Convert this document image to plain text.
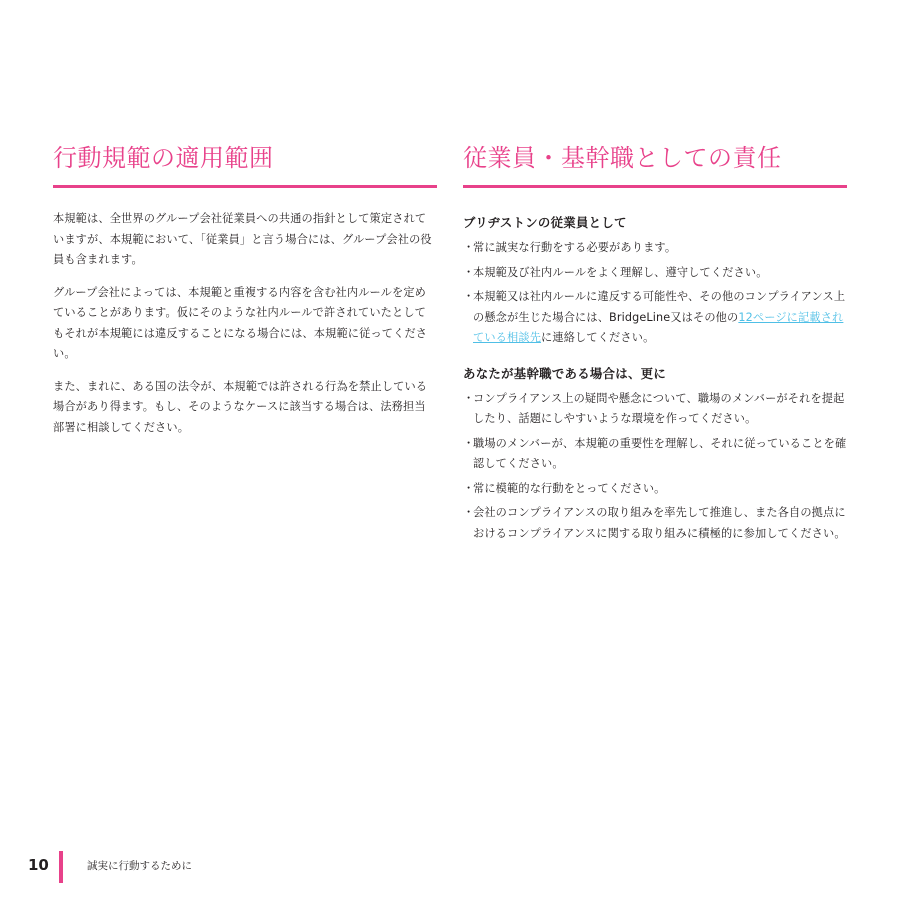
行動規範の適用範囲

本規範は、全世界のグループ会社従業員への共通の指針として策定されていますが、本規範において、「従業員」と言う場合には、グループ会社の役員も含まれます。

グループ会社によっては、本規範と重複する内容を含む社内ルールを定めていることがあります。仮にそのような社内ルールで許されていたとしてもそれが本規範には違反することになる場合には、本規範に従ってください。

また、まれに、ある国の法令が、本規範では許される行為を禁止している場合があり得ます。もし、そのようなケースに該当する場合は、法務担当部署に相談してください。

従業員・基幹職としての責任
ブリヂストンの従業員として
・
常に誠実な行動をする必要があります。
・
本規範及び社内ルールをよく理解し、遵守してください。
・
本規範又は社内ルールに違反する可能性や、その他のコンプライアンス上の懸念が生じた場合には、BridgeLine又はその他の12ページに記載されている相談先に連絡してください。
あなたが基幹職である場合は、更に
・
コンプライアンス上の疑問や懸念について、職場のメンバーがそれを提起したり、話題にしやすいような環境を作ってください。
・
職場のメンバーが、本規範の重要性を理解し、それに従っていることを確認してください。
・
常に模範的な行動をとってください。
・
会社のコンプライアンスの取り組みを率先して推進し、また各自の拠点におけるコンプライアンスに関する取り組みに積極的に参加してください。
10	誠実に行動するために
